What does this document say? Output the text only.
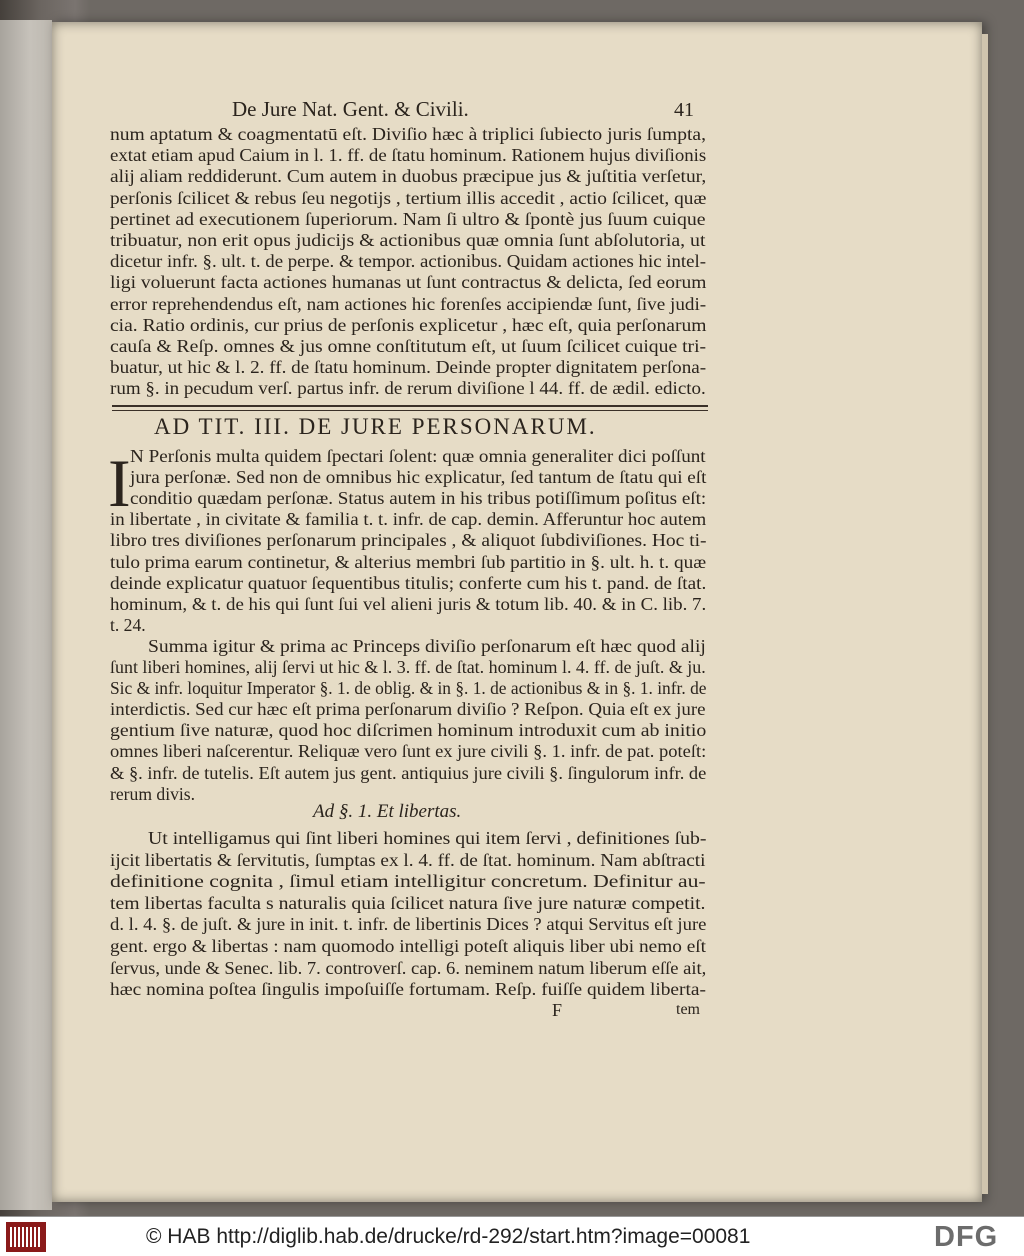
De Jure Nat. Gent. & Civili.	41
AD TIT. III. DE JURE PERSONARUM.
I
Ad §. 1. Et libertas.
F	tem
num aptatum & coagmentatū eſt. Diviſio hæc à triplici ſubiecto juris ſumpta,
extat etiam apud Caium in l. 1. ff. de ſtatu hominum. Rationem hujus diviſionis
alij aliam reddiderunt. Cum autem in duobus præcipue jus & juſtitia verſetur,
perſonis ſcilicet & rebus ſeu negotijs , tertium illis accedit , actio ſcilicet, quæ
pertinet ad executionem ſuperiorum. Nam ſi ultro & ſpontè jus ſuum cuique
tribuatur, non erit opus judicijs & actionibus quæ omnia ſunt abſolutoria, ut
dicetur infr. §. ult. t. de perpe. & tempor. actionibus. Quidam actiones hic intel-
ligi voluerunt facta actiones humanas ut ſunt contractus & delicta, ſed eorum
error reprehendendus eſt, nam actiones hic forenſes accipiendæ ſunt, ſive judi-
cia. Ratio ordinis, cur prius de perſonis explicetur , hæc eſt, quia perſonarum
cauſa & Reſp. omnes & jus omne conſtitutum eſt, ut ſuum ſcilicet cuique tri-
buatur, ut hic & l. 2. ff. de ſtatu hominum. Deinde propter dignitatem perſona-
rum §. in pecudum verſ. partus infr. de rerum diviſione l 44. ff. de ædil. edicto.
N Perſonis multa quidem ſpectari ſolent: quæ omnia generaliter dici poſſunt
jura perſonæ. Sed non de omnibus hic explicatur, ſed tantum de ſtatu qui eſt
conditio quædam perſonæ. Status autem in his tribus potiſſimum poſitus eſt:
in libertate , in civitate & familia t. t. infr. de cap. demin. Afferuntur hoc autem
libro tres diviſiones perſonarum principales , & aliquot ſubdiviſiones. Hoc ti-
tulo prima earum continetur, & alterius membri ſub partitio in §. ult. h. t. quæ
deinde explicatur quatuor ſequentibus titulis; conferte cum his t. pand. de ſtat.
hominum, & t. de his qui ſunt ſui vel alieni juris & totum lib. 40. & in C. lib. 7.
t. 24.
Summa igitur & prima ac Princeps diviſio perſonarum eſt hæc quod alij
ſunt liberi homines, alij ſervi ut hic & l. 3. ff. de ſtat. hominum l. 4. ff. de juſt. & ju.
Sic & infr. loquitur Imperator §. 1. de oblig. & in §. 1. de actionibus & in §. 1. infr. de
interdictis. Sed cur hæc eſt prima perſonarum diviſio ? Reſpon. Quia eſt ex jure
gentium ſive naturæ, quod hoc diſcrimen hominum introduxit cum ab initio
omnes liberi naſcerentur. Reliquæ vero ſunt ex jure civili §. 1. infr. de pat. poteſt:
& §. infr. de tutelis. Eſt autem jus gent. antiquius jure civili §. ſingulorum infr. de
rerum divis.
Ut intelligamus qui ſint liberi homines qui item ſervi , definitiones ſub-
ijcit libertatis & ſervitutis, ſumptas ex l. 4. ff. de ſtat. hominum. Nam abſtracti
definitione cognita , ſimul etiam intelligitur concretum. Definitur au-
tem libertas faculta s naturalis quia ſcilicet natura ſive jure naturæ competit.
d. l. 4. §. de juſt. & jure in init. t. infr. de libertinis Dices ? atqui Servitus eſt jure
gent. ergo & libertas : nam quomodo intelligi poteſt aliquis liber ubi nemo eſt
ſervus, unde & Senec. lib. 7. controverſ. cap. 6. neminem natum liberum eſſe ait,
hæc nomina poſtea ſingulis impoſuiſſe fortumam. Reſp. fuiſſe quidem liberta-
© HAB http://diglib.hab.de/drucke/rd-292/start.htm?image=00081	DFG
